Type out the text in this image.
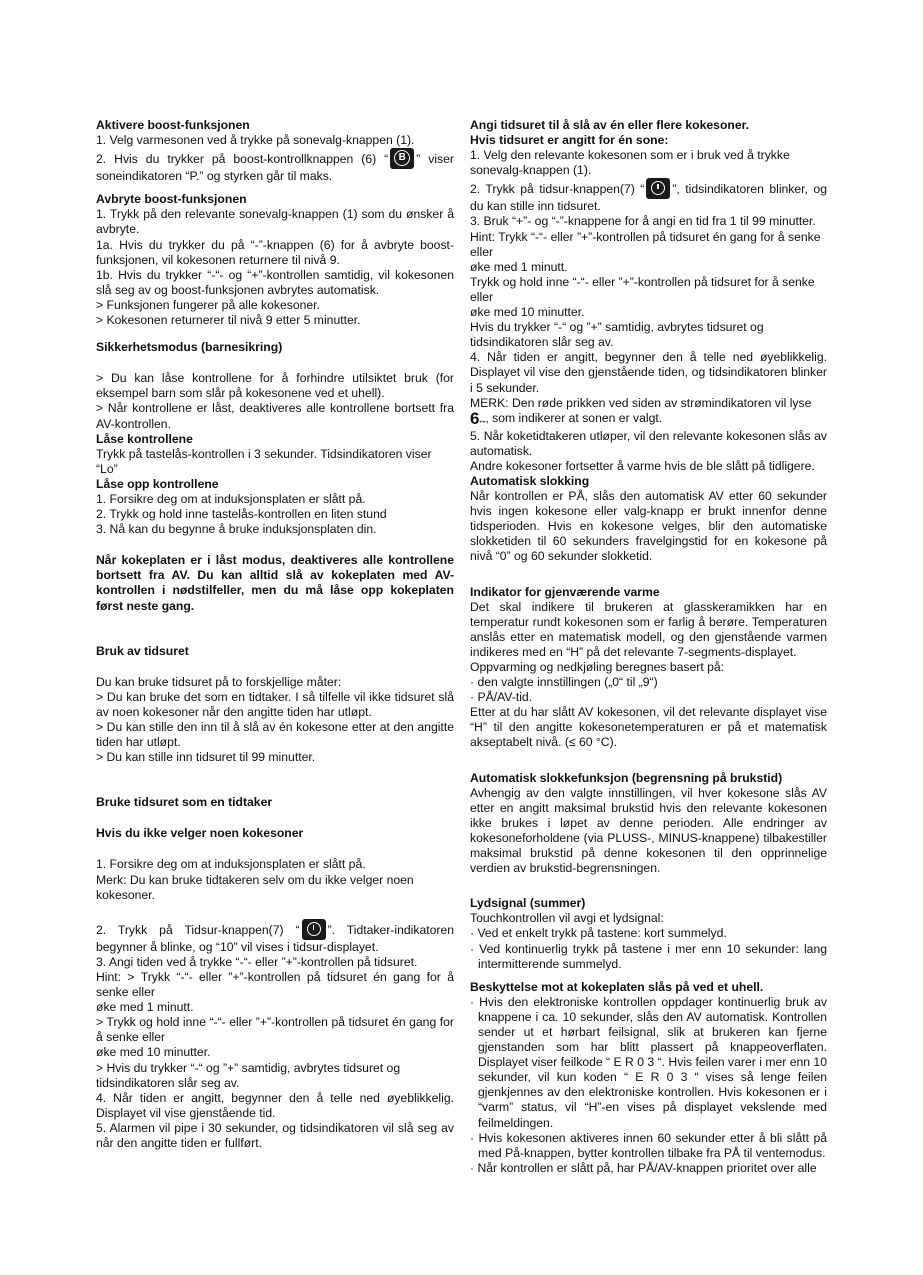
Aktivere boost-funksjonen

1. Velg varmesonen ved å trykke på sonevalg-knappen (1).

2. Hvis du trykker på boost-kontrollknappen (6) “	B ” viser soneindikatoren “P.” og styrken går til maks.

Avbryte boost-funksjonen

1. Trykk på den relevante sonevalg-knappen (1) som du ønsker å avbryte.

1a. Hvis du trykker du på “-”-knappen (6) for å avbryte boost-funksjonen, vil kokesonen returnere til nivå 9.

1b. Hvis du trykker “-“- og “+”-kontrollen samtidig, vil kokesonen slå seg av og boost-funksjonen avbrytes automatisk.

> Funksjonen fungerer på alle kokesoner.

> Kokesonen returnerer til nivå 9 etter 5 minutter.

Sikkerhetsmodus (barnesikring)

> Du kan låse kontrollene for å forhindre utilsiktet bruk (for eksempel barn som slår på kokesonene ved et uhell).

> Når kontrollene er låst, deaktiveres alle kontrollene bortsett fra AV-kontrollen.

Låse kontrollene

Trykk på tastelås-kontrollen i 3 sekunder. Tidsindikatoren viser “Lo”

Låse opp kontrollene

1. Forsikre deg om at induksjonsplaten er slått på.

2. Trykk og hold inne tastelås-kontrollen en liten stund

3. Nå kan du begynne å bruke induksjonsplaten din.

Når kokeplaten er i låst modus, deaktiveres alle kontrollene bortsett fra AV. Du kan alltid slå av kokeplaten med AV-kontrollen i nødstilfeller, men du må låse opp kokeplaten først neste gang.

Bruk av tidsuret

Du kan bruke tidsuret på to forskjellige måter:

> Du kan bruke det som en tidtaker. I så tilfelle vil ikke tidsuret slå av noen kokesoner når den angitte tiden har utløpt.

> Du kan stille den inn til å slå av én kokesone etter at den angitte tiden har utløpt.

> Du kan stille inn tidsuret til 99 minutter.

Bruke tidsuret som en tidtaker
Hvis du ikke velger noen kokesoner

1. Forsikre deg om at induksjonsplaten er slått på.

Merk: Du kan bruke tidtakeren selv om du ikke velger noen kokesoner.

2. Trykk på Tidsur-knappen(7) “ ”. Tidtaker-indikatoren begynner å blinke, og “10” vil vises i tidsur-displayet.

3. Angi tiden ved å trykke “-“- eller ”+”-kontrollen på tidsuret.

Hint: > Trykk “-“- eller ”+”-kontrollen på tidsuret én gang for å senke eller

øke med 1 minutt.

> Trykk og hold inne “-“- eller ”+”-kontrollen på tidsuret én gang for å senke eller

øke med 10 minutter.

> Hvis du trykker “-“ og ”+” samtidig, avbrytes tidsuret og tidsindikatoren slår seg av.

4. Når tiden er angitt, begynner den å telle ned øyeblikkelig. Displayet vil vise gjenstående tid.

5. Alarmen vil pipe i 30 sekunder, og tidsindikatoren vil slå seg av når den angitte tiden er fullført.

Angi tidsuret til å slå av én eller flere kokesoner.
Hvis tidsuret er angitt for én sone:

1. Velg den relevante kokesonen som er i bruk ved å trykke sonevalg-knappen (1).

2. Trykk på tidsur-knappen(7) “ ”, tidsindikatoren blinker, og du kan stille inn tidsuret.

3. Bruk “+”- og “-”-knappene for å angi en tid fra 1 til 99 minutter.

Hint: Trykk “-“- eller ”+”-kontrollen på tidsuret én gang for å senke eller

øke med 1 minutt.

Trykk og hold inne “-“- eller ”+”-kontrollen på tidsuret for å senke eller

øke med 10 minutter.

Hvis du trykker “-“ og ”+” samtidig, avbrytes tidsuret og tidsindikatoren slår seg av.

4. Når tiden er angitt, begynner den å telle ned øyeblikkelig. Displayet vil vise den gjenstående tiden, og tidsindikatoren blinker i 5 sekunder.

MERK: Den røde prikken ved siden av strømindikatoren vil lyse 6↦, som indikerer at sonen er valgt.

5. Når koketidtakeren utløper, vil den relevante kokesonen slås av automatisk.

Andre kokesoner fortsetter å varme hvis de ble slått på tidligere.

Automatisk slokking

Når kontrollen er PÅ, slås den automatisk AV etter 60 sekunder hvis ingen kokesone eller valg-knapp er brukt innenfor denne tidsperioden. Hvis en kokesone velges, blir den automatiske slokketiden til 60 sekunders fravelgingstid for en kokesone på nivå “0” og 60 sekunder slokketid.

Indikator for gjenværende varme

Det skal indikere til brukeren at glasskeramikken har en temperatur rundt kokesonen som er farlig å berøre. Temperaturen anslås etter en matematisk modell, og den gjenstående varmen indikeres med en “H” på det relevante 7-segments-displayet.

Oppvarming og nedkjøling beregnes basert på:

· den valgte innstillingen („0“ til „9“)

· PÅ/AV-tid.

Etter at du har slått AV kokesonen, vil det relevante displayet vise “H” til den angitte kokesonetemperaturen er på et matematisk akseptabelt nivå. (≤ 60 °C).

Automatisk slokkefunksjon (begrensning på brukstid)

Avhengig av den valgte innstillingen, vil hver kokesone slås AV etter en angitt maksimal brukstid hvis den relevante kokesonen ikke brukes i løpet av denne perioden. Alle endringer av kokesoneforholdene (via PLUSS-, MINUS-knappene) tilbakestiller maksimal brukstid på denne kokesonen til den opprinnelige verdien av brukstid-begrensningen.

Lydsignal (summer)

Touchkontrollen vil avgi et lydsignal:

· Ved et enkelt trykk på tastene: kort summelyd.

· Ved kontinuerlig trykk på tastene i mer enn 10 sekunder: lang intermitterende summelyd.

Beskyttelse mot at kokeplaten slås på ved et uhell.

· Hvis den elektroniske kontrollen oppdager kontinuerlig bruk av knappene i ca. 10 sekunder, slås den AV automatisk. Kontrollen sender ut et hørbart feilsignal, slik at brukeren kan fjerne gjenstanden som har blitt plassert på knappeoverflaten. Displayet viser feilkode “ E R 0 3 “. Hvis feilen varer i mer enn 10 sekunder, vil kun koden “ E R 0 3 “ vises så lenge feilen gjenkjennes av den elektroniske kontrollen. Hvis kokesonen er i “varm” status, vil “H”-en vises på displayet vekslende med feilmeldingen.

· Hvis kokesonen aktiveres innen 60 sekunder etter å bli slått på med På-knappen, bytter kontrollen tilbake fra PÅ til ventemodus.

· Når kontrollen er slått på, har PÅ/AV-knappen prioritet over alle
